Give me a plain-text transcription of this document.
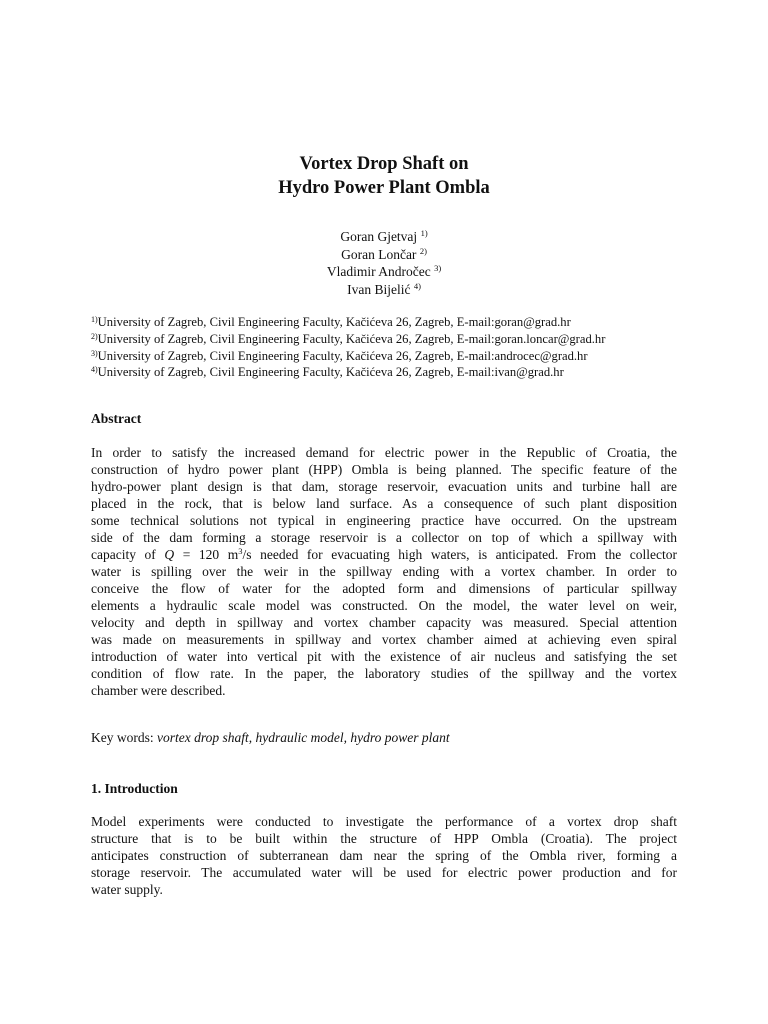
Vortex Drop Shaft on
Hydro Power Plant Ombla
Goran Gjetvaj $^{1)}$
Goran Lončar $^{2)}$
Vladimir Andročec $^{3)}$
Ivan Bijelić $^{4)}$
$^{1)}$University of Zagreb, Civil Engineering Faculty, Kačićeva 26, Zagreb, E-mail:goran@grad.hr
$^{2)}$University of Zagreb, Civil Engineering Faculty, Kačićeva 26, Zagreb, E-mail:goran.loncar@grad.hr
$^{3)}$University of Zagreb, Civil Engineering Faculty, Kačićeva 26, Zagreb, E-mail:androcec@grad.hr
$^{4)}$University of Zagreb, Civil Engineering Faculty, Kačićeva 26, Zagreb, E-mail:ivan@grad.hr
Abstract
In order to satisfy the increased demand for electric power in the Republic of Croatia, the
construction of hydro power plant (HPP) Ombla is being planned. The specific feature of the
hydro-power plant design is that dam, storage reservoir, evacuation units and turbine hall are
placed in the rock, that is below land surface. As a consequence of such plant disposition
some technical solutions not typical in engineering practice have occurred. On the upstream
side of the dam forming a storage reservoir is a collector on top of which a spillway with
capacity of Q = 120 $m^3/s$ needed for evacuating high waters, is anticipated. From the collector
water is spilling over the weir in the spillway ending with a vortex chamber. In order to
conceive the flow of water for the adopted form and dimensions of particular spillway
elements a hydraulic scale model was constructed. On the model, the water level on weir,
velocity and depth in spillway and vortex chamber capacity was measured. Special attention
was made on measurements in spillway and vortex chamber aimed at achieving even spiral
introduction of water into vertical pit with the existence of air nucleus and satisfying the set
condition of flow rate. In the paper, the laboratory studies of the spillway and the vortex
chamber were described.
Key words: vortex drop shaft, hydraulic model, hydro power plant
1. Introduction
Model experiments were conducted to investigate the performance of a vortex drop shaft
structure that is to be built within the structure of HPP Ombla (Croatia). The project
anticipates construction of subterranean dam near the spring of the Ombla river, forming a
storage reservoir. The accumulated water will be used for electric power production and for
water supply.
